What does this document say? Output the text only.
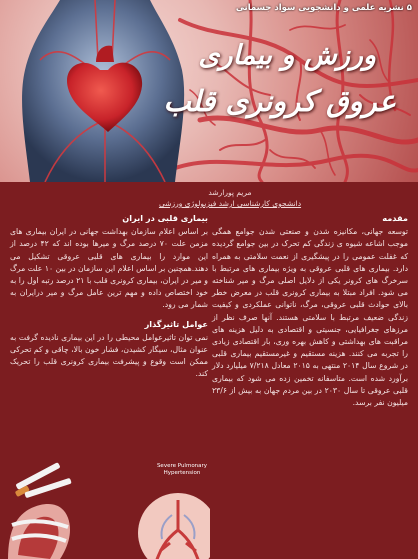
۵ نشریه علمی و دانشجویی سواد جسمانی
ورزش و بیماری
عروق کرونری قلب
مریم پورارشد
دانشجوی کارشناسی ارشد فیزیولوژی ورزشی
مقدمه
توسعه جهانی، مکانیزه شدن و صنعتی شدن جوامع همگی موجب اشاعه شیوه ی زندگی کم تحرک در بین جوامع گردیده که غفلت عمومی را در پیشگیری از نعمت سلامتی به همراه دارد. بیماری های قلبی عروقی به ویژه بیماری های مرتبط با سرخرگ های کرونر یکی از دلایل اصلی مرگ و میر شناخته می شود. افراد مبتلا به بیماری کرونری قلب در معرض خطر بالای حوادث قلبی عروقی، مرگ، ناتوانی عملکردی و کیفیت زندگی ضعیف مرتبط با سلامتی هستند. آنها صرف نظر از مرزهای جغرافیایی، جنسیتی و اقتصادی به دلیل هزینه های مراقبت های بهداشتی و کاهش بهره وری، بار اقتصادی زیادی را تجربه می کنند. هزینه مستقیم و غیرمستقیم بیماری قلبی در شروع سال ۲۰۱۴ منتهی به ۲۰۱۵ معادل ۷/۲۱۸ میلیارد دلار برآورد شده است. متاسفانه تخمین زده می شود که بیماری قلبی عروقی تا سال ۲۰۳۰ در بین مردم جهان به بیش از ۲۳/۶ میلیون نفر برسد.
بیماری قلبی در ایران
بر اساس اعلام سازمان بهداشت جهانی در ایران بیماری های مزمن علت ۷۰ درصد مرگ و میرها بوده اند که ۴۲ درصد از این موارد را بیماری های قلبی عروقی تشکیل می دهند.همچنین بر اساس اعلام این سازمان در بین ۱۰ علت مرگ و میر در ایران، بیماری کرونری قلب با ۲۱ درصد رتبه اول را به خود اختصاص داده و مهم ترین عامل مرگ و میر درایران به شمار می رود.
عوامل تاثیرگذار
نمی توان تاثیرعوامل محیطی را در این بیماری نادیده گرفت به عنوان مثال، سیگار کشیدن، فشار خون بالا، چاقی و کم تحرکی ممکن است وقوع و پیشرفت بیماری کرونری قلب را تحریک کند.
Severe Pulmonary Hypertension
